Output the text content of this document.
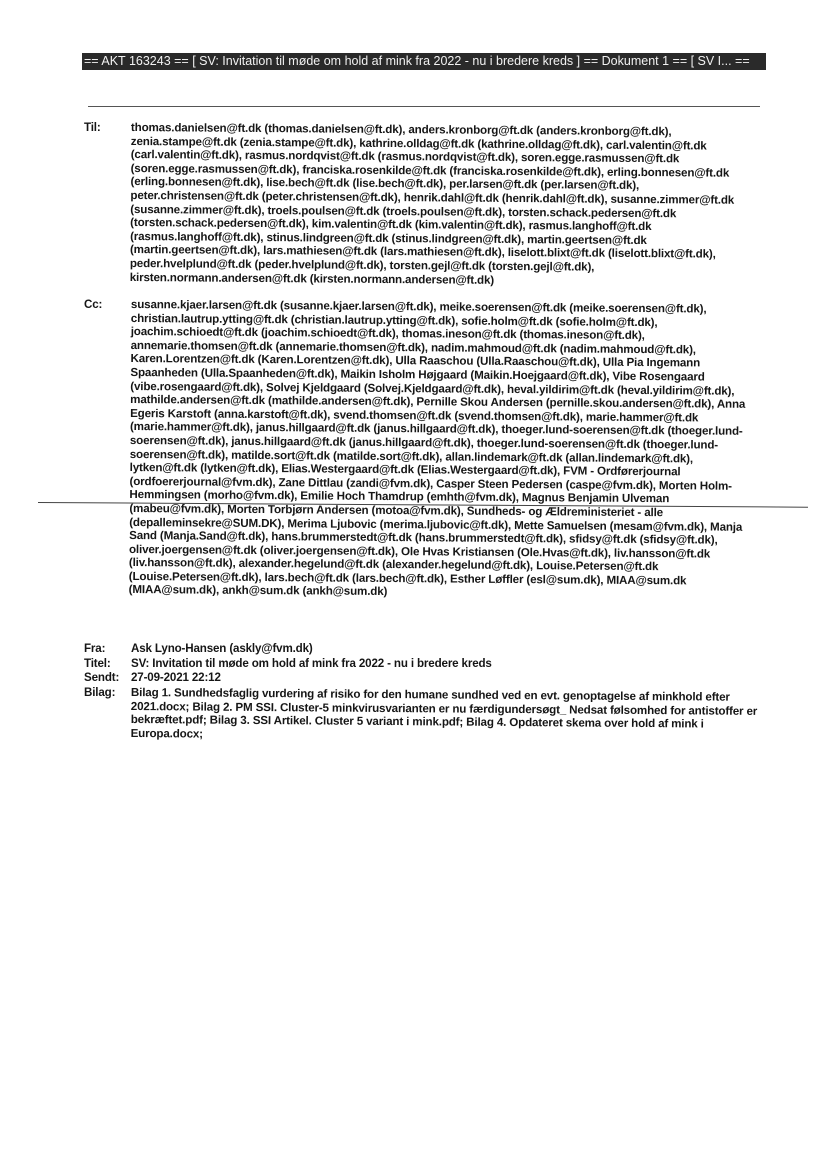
== AKT 163243 == [ SV: Invitation til møde om hold af mink fra 2022 - nu i bredere kreds ] == Dokument 1 == [ SV I... ==
Til:	thomas.danielsen@ft.dk (thomas.danielsen@ft.dk), anders.kronborg@ft.dk (anders.kronborg@ft.dk), zenia.stampe@ft.dk (zenia.stampe@ft.dk), kathrine.olldag@ft.dk (kathrine.olldag@ft.dk), carl.valentin@ft.dk (carl.valentin@ft.dk), rasmus.nordqvist@ft.dk (rasmus.nordqvist@ft.dk), soren.egge.rasmussen@ft.dk (soren.egge.rasmussen@ft.dk), franciska.rosenkilde@ft.dk (franciska.rosenkilde@ft.dk), erling.bonnesen@ft.dk (erling.bonnesen@ft.dk), lise.bech@ft.dk (lise.bech@ft.dk), per.larsen@ft.dk (per.larsen@ft.dk), peter.christensen@ft.dk (peter.christensen@ft.dk), henrik.dahl@ft.dk (henrik.dahl@ft.dk), susanne.zimmer@ft.dk (susanne.zimmer@ft.dk), troels.poulsen@ft.dk (troels.poulsen@ft.dk), torsten.schack.pedersen@ft.dk (torsten.schack.pedersen@ft.dk), kim.valentin@ft.dk (kim.valentin@ft.dk), rasmus.langhoff@ft.dk (rasmus.langhoff@ft.dk), stinus.lindgreen@ft.dk (stinus.lindgreen@ft.dk), martin.geertsen@ft.dk (martin.geertsen@ft.dk), lars.mathiesen@ft.dk (lars.mathiesen@ft.dk), liselott.blixt@ft.dk (liselott.blixt@ft.dk), peder.hvelplund@ft.dk (peder.hvelplund@ft.dk), torsten.gejl@ft.dk (torsten.gejl@ft.dk), kirsten.normann.andersen@ft.dk (kirsten.normann.andersen@ft.dk)
Cc:	susanne.kjaer.larsen@ft.dk (susanne.kjaer.larsen@ft.dk), meike.soerensen@ft.dk (meike.soerensen@ft.dk), christian.lautrup.ytting@ft.dk (christian.lautrup.ytting@ft.dk), sofie.holm@ft.dk (sofie.holm@ft.dk), joachim.schioedt@ft.dk (joachim.schioedt@ft.dk), thomas.ineson@ft.dk (thomas.ineson@ft.dk), annemarie.thomsen@ft.dk (annemarie.thomsen@ft.dk), nadim.mahmoud@ft.dk (nadim.mahmoud@ft.dk), Karen.Lorentzen@ft.dk (Karen.Lorentzen@ft.dk), Ulla Raaschou (Ulla.Raaschou@ft.dk), Ulla Pia Ingemann Spaanheden (Ulla.Spaanheden@ft.dk), Maikin Isholm Højgaard (Maikin.Hoejgaard@ft.dk), Vibe Rosengaard (vibe.rosengaard@ft.dk), Solvej Kjeldgaard (Solvej.Kjeldgaard@ft.dk), heval.yildirim@ft.dk (heval.yildirim@ft.dk), mathilde.andersen@ft.dk (mathilde.andersen@ft.dk), Pernille Skou Andersen (pernille.skou.andersen@ft.dk), Anna Egeris Karstoft (anna.karstoft@ft.dk), svend.thomsen@ft.dk (svend.thomsen@ft.dk), marie.hammer@ft.dk (marie.hammer@ft.dk), janus.hillgaard@ft.dk (janus.hillgaard@ft.dk), thoeger.lund-soerensen@ft.dk (thoeger.lund-soerensen@ft.dk), janus.hillgaard@ft.dk (janus.hillgaard@ft.dk), thoeger.lund-soerensen@ft.dk (thoeger.lund-soerensen@ft.dk), matilde.sort@ft.dk (matilde.sort@ft.dk), allan.lindemark@ft.dk (allan.lindemark@ft.dk), lytken@ft.dk (lytken@ft.dk), Elias.Westergaard@ft.dk (Elias.Westergaard@ft.dk), FVM - Ordførerjournal (ordfoererjournal@fvm.dk), Zane Dittlau (zandi@fvm.dk), Casper Steen Pedersen (caspe@fvm.dk), Morten Holm-Hemmingsen (morho@fvm.dk), Emilie Hoch Thamdrup (emhth@fvm.dk), Magnus Benjamin Ulveman (mabeu@fvm.dk), Morten Torbjørn Andersen (motoa@fvm.dk), Sundheds- og Ældreministeriet - alle (depalleminsekre@SUM.DK), Merima Ljubovic (merima.ljubovic@ft.dk), Mette Samuelsen (mesam@fvm.dk), Manja Sand (Manja.Sand@ft.dk), hans.brummerstedt@ft.dk (hans.brummerstedt@ft.dk), sfidsy@ft.dk (sfidsy@ft.dk), oliver.joergensen@ft.dk (oliver.joergensen@ft.dk), Ole Hvas Kristiansen (Ole.Hvas@ft.dk), liv.hansson@ft.dk (liv.hansson@ft.dk), alexander.hegelund@ft.dk (alexander.hegelund@ft.dk), Louise.Petersen@ft.dk (Louise.Petersen@ft.dk), lars.bech@ft.dk (lars.bech@ft.dk), Esther Løffler (esl@sum.dk), MIAA@sum.dk (MIAA@sum.dk), ankh@sum.dk (ankh@sum.dk)
Fra:	Ask Lyno-Hansen (askly@fvm.dk)
Titel:	SV: Invitation til møde om hold af mink fra 2022 - nu i bredere kreds
Sendt:	27-09-2021 22:12
Bilag:	Bilag 1. Sundhedsfaglig vurdering af risiko for den humane sundhed ved en evt. genoptagelse af minkhold efter 2021.docx; Bilag 2. PM SSI. Cluster-5 minkvirusvarianten er nu færdigundersøgt_ Nedsat følsomhed for antistoffer er bekræftet.pdf; Bilag 3. SSI Artikel. Cluster 5 variant i mink.pdf; Bilag 4. Opdateret skema over hold af mink i Europa.docx;
